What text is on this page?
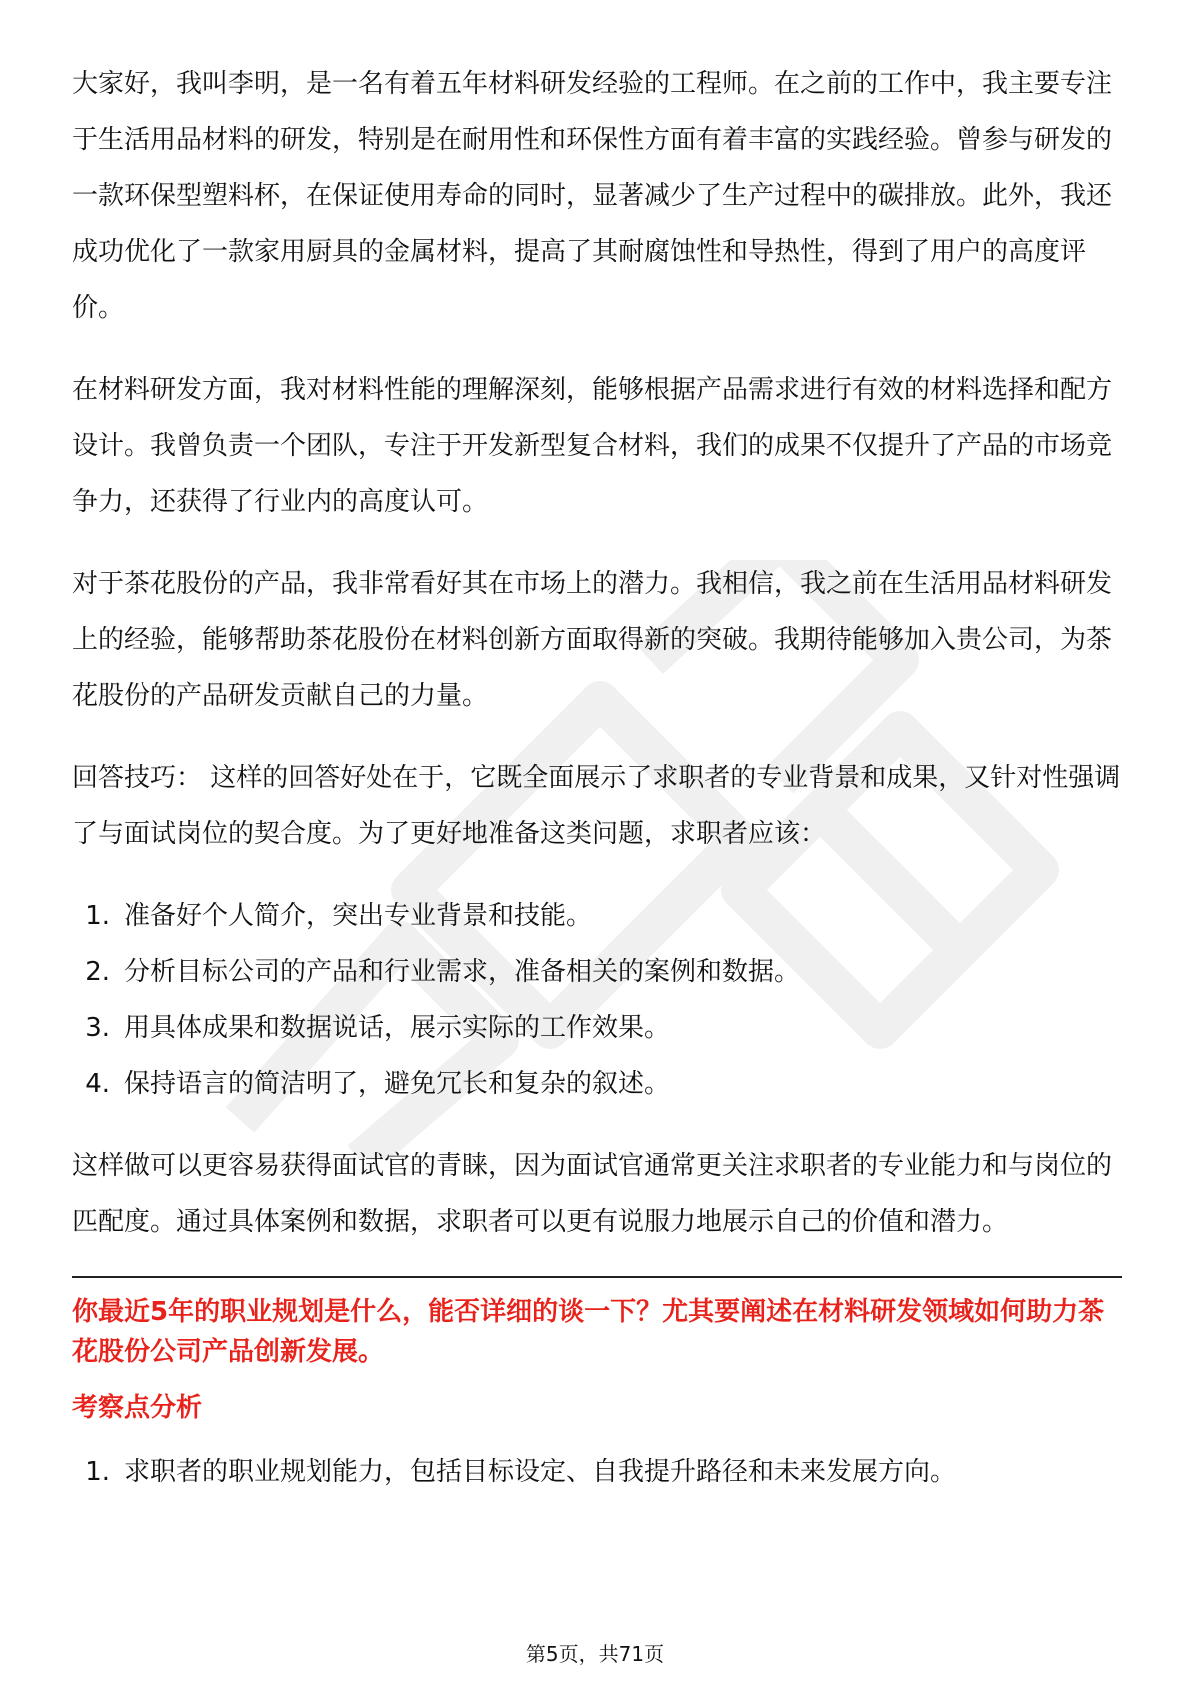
大家好，我叫李明，是一名有着五年材料研发经验的工程师。在之前的工作中，我主要专注于生活用品材料的研发，特别是在耐用性和环保性方面有着丰富的实践经验。曾参与研发的一款环保型塑料杯，在保证使用寿命的同时，显著减少了生产过程中的碳排放。此外，我还成功优化了一款家用厨具的金属材料，提高了其耐腐蚀性和导热性，得到了用户的高度评价。

在材料研发方面，我对材料性能的理解深刻，能够根据产品需求进行有效的材料选择和配方设计。我曾负责一个团队，专注于开发新型复合材料，我们的成果不仅提升了产品的市场竞争力，还获得了行业内的高度认可。

对于茶花股份的产品，我非常看好其在市场上的潜力。我相信，我之前在生活用品材料研发上的经验，能够帮助茶花股份在材料创新方面取得新的突破。我期待能够加入贵公司，为茶花股份的产品研发贡献自己的力量。

回答技巧： 这样的回答好处在于，它既全面展示了求职者的专业背景和成果，又针对性强调了与面试岗位的契合度。为了更好地准备这类问题，求职者应该：

1. 准备好个人简介，突出专业背景和技能。
2. 分析目标公司的产品和行业需求，准备相关的案例和数据。
3. 用具体成果和数据说话，展示实际的工作效果。
4. 保持语言的简洁明了，避免冗长和复杂的叙述。

这样做可以更容易获得面试官的青睐，因为面试官通常更关注求职者的专业能力和与岗位的匹配度。通过具体案例和数据，求职者可以更有说服力地展示自己的价值和潜力。

你最近5年的职业规划是什么，能否详细的谈一下？尤其要阐述在材料研发领域如何助力茶花股份公司产品创新发展。

考察点分析

1. 求职者的职业规划能力，包括目标设定、自我提升路径和未来发展方向。
第5页，共71页
